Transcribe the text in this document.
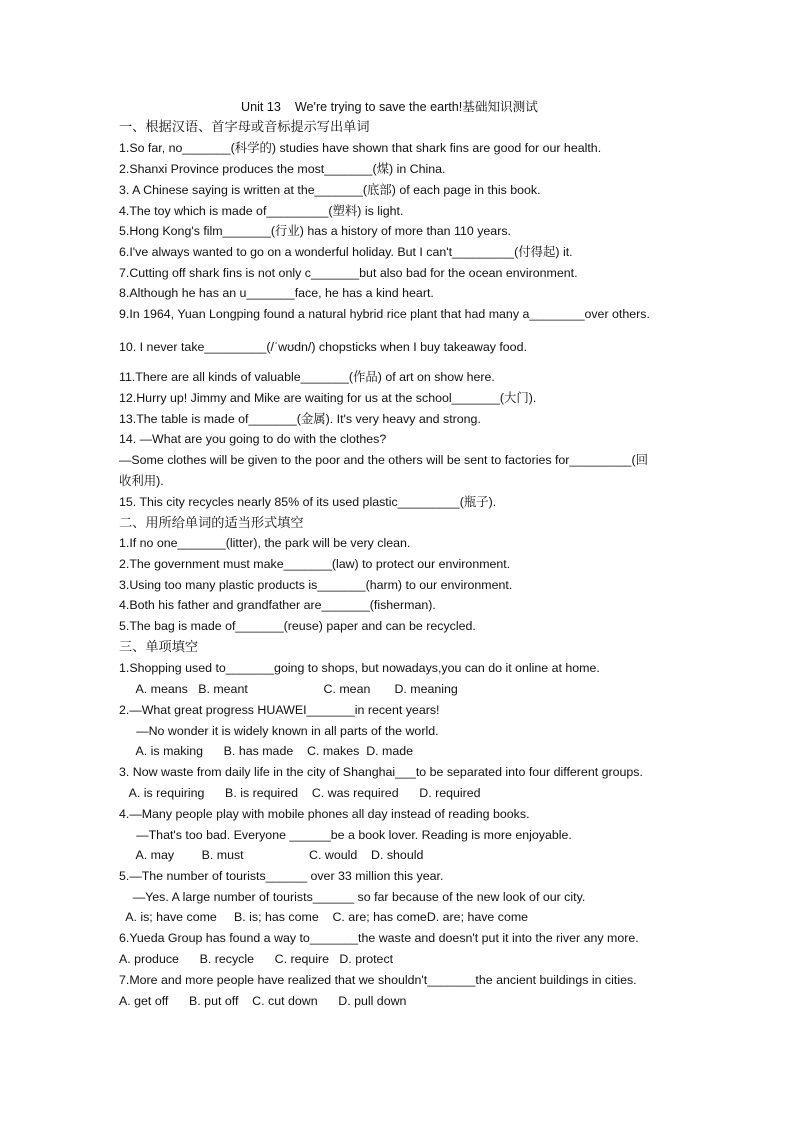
Unit 13    We're trying to save the earth!基础知识测试
一、根据汉语、首字母或音标提示写出单词
1.So far, no_______(科学的) studies have shown that shark fins are good for our health.
2.Shanxi Province produces the most_______(煤) in China.
3. A Chinese saying is written at the_______(底部) of each page in this book.
4.The toy which is made of_________(塑料) is light.
5.Hong Kong's film_______(行业) has a history of more than 110 years.
6.I've always wanted to go on a wonderful holiday. But I can't_________(付得起) it.
7.Cutting off shark fins is not only c_______but also bad for the ocean environment.
8.Although he has an u_______face, he has a kind heart.
9.In 1964, Yuan Longping found a natural hybrid rice plant that had many a________over others.
10. I never take_________(/ˈwʊdn/) chopsticks when I buy takeaway food.
11.There are all kinds of valuable_______(作品) of art on show here.
12.Hurry up! Jimmy and Mike are waiting for us at the school_______(大门).
13.The table is made of_______(金属). It's very heavy and strong.
14. —What are you going to do with the clothes?
—Some clothes will be given to the poor and the others will be sent to factories for_________(回
收利用).
15. This city recycles nearly 85% of its used plastic_________(瓶子).
二、用所给单词的适当形式填空
1.If no one_______(litter), the park will be very clean.
2.The government must make_______(law) to protect our environment.
3.Using too many plastic products is_______(harm) to our environment.
4.Both his father and grandfather are_______(fisherman).
5.The bag is made of_______(reuse) paper and can be recycled.
三、单项填空
1.Shopping used to_______going to shops, but nowadays,you can do it online at home.
A. means   B. meant                      C. mean       D. meaning
2.—What great progress HUAWEI_______in recent years!
—No wonder it is widely known in all parts of the world.
A. is making      B. has made    C. makes  D. made
3. Now waste from daily life in the city of Shanghai___to be separated into four different groups.
A. is requiring      B. is required    C. was required      D. required
4.—Many people play with mobile phones all day instead of reading books.
—That's too bad. Everyone ______be a book lover. Reading is more enjoyable.
A. may        B. must                   C. would    D. should
5.—The number of tourists______ over 33 million this year.
—Yes. A large number of tourists______ so far because of the new look of our city.
A. is; have come     B. is; has come    C. are; has comeD. are; have come
6.Yueda Group has found a way to_______the waste and doesn't put it into the river any more.
A. produce      B. recycle      C. require   D. protect
7.More and more people have realized that we shouldn't_______the ancient buildings in cities.
A. get off      B. put off    C. cut down      D. pull down
